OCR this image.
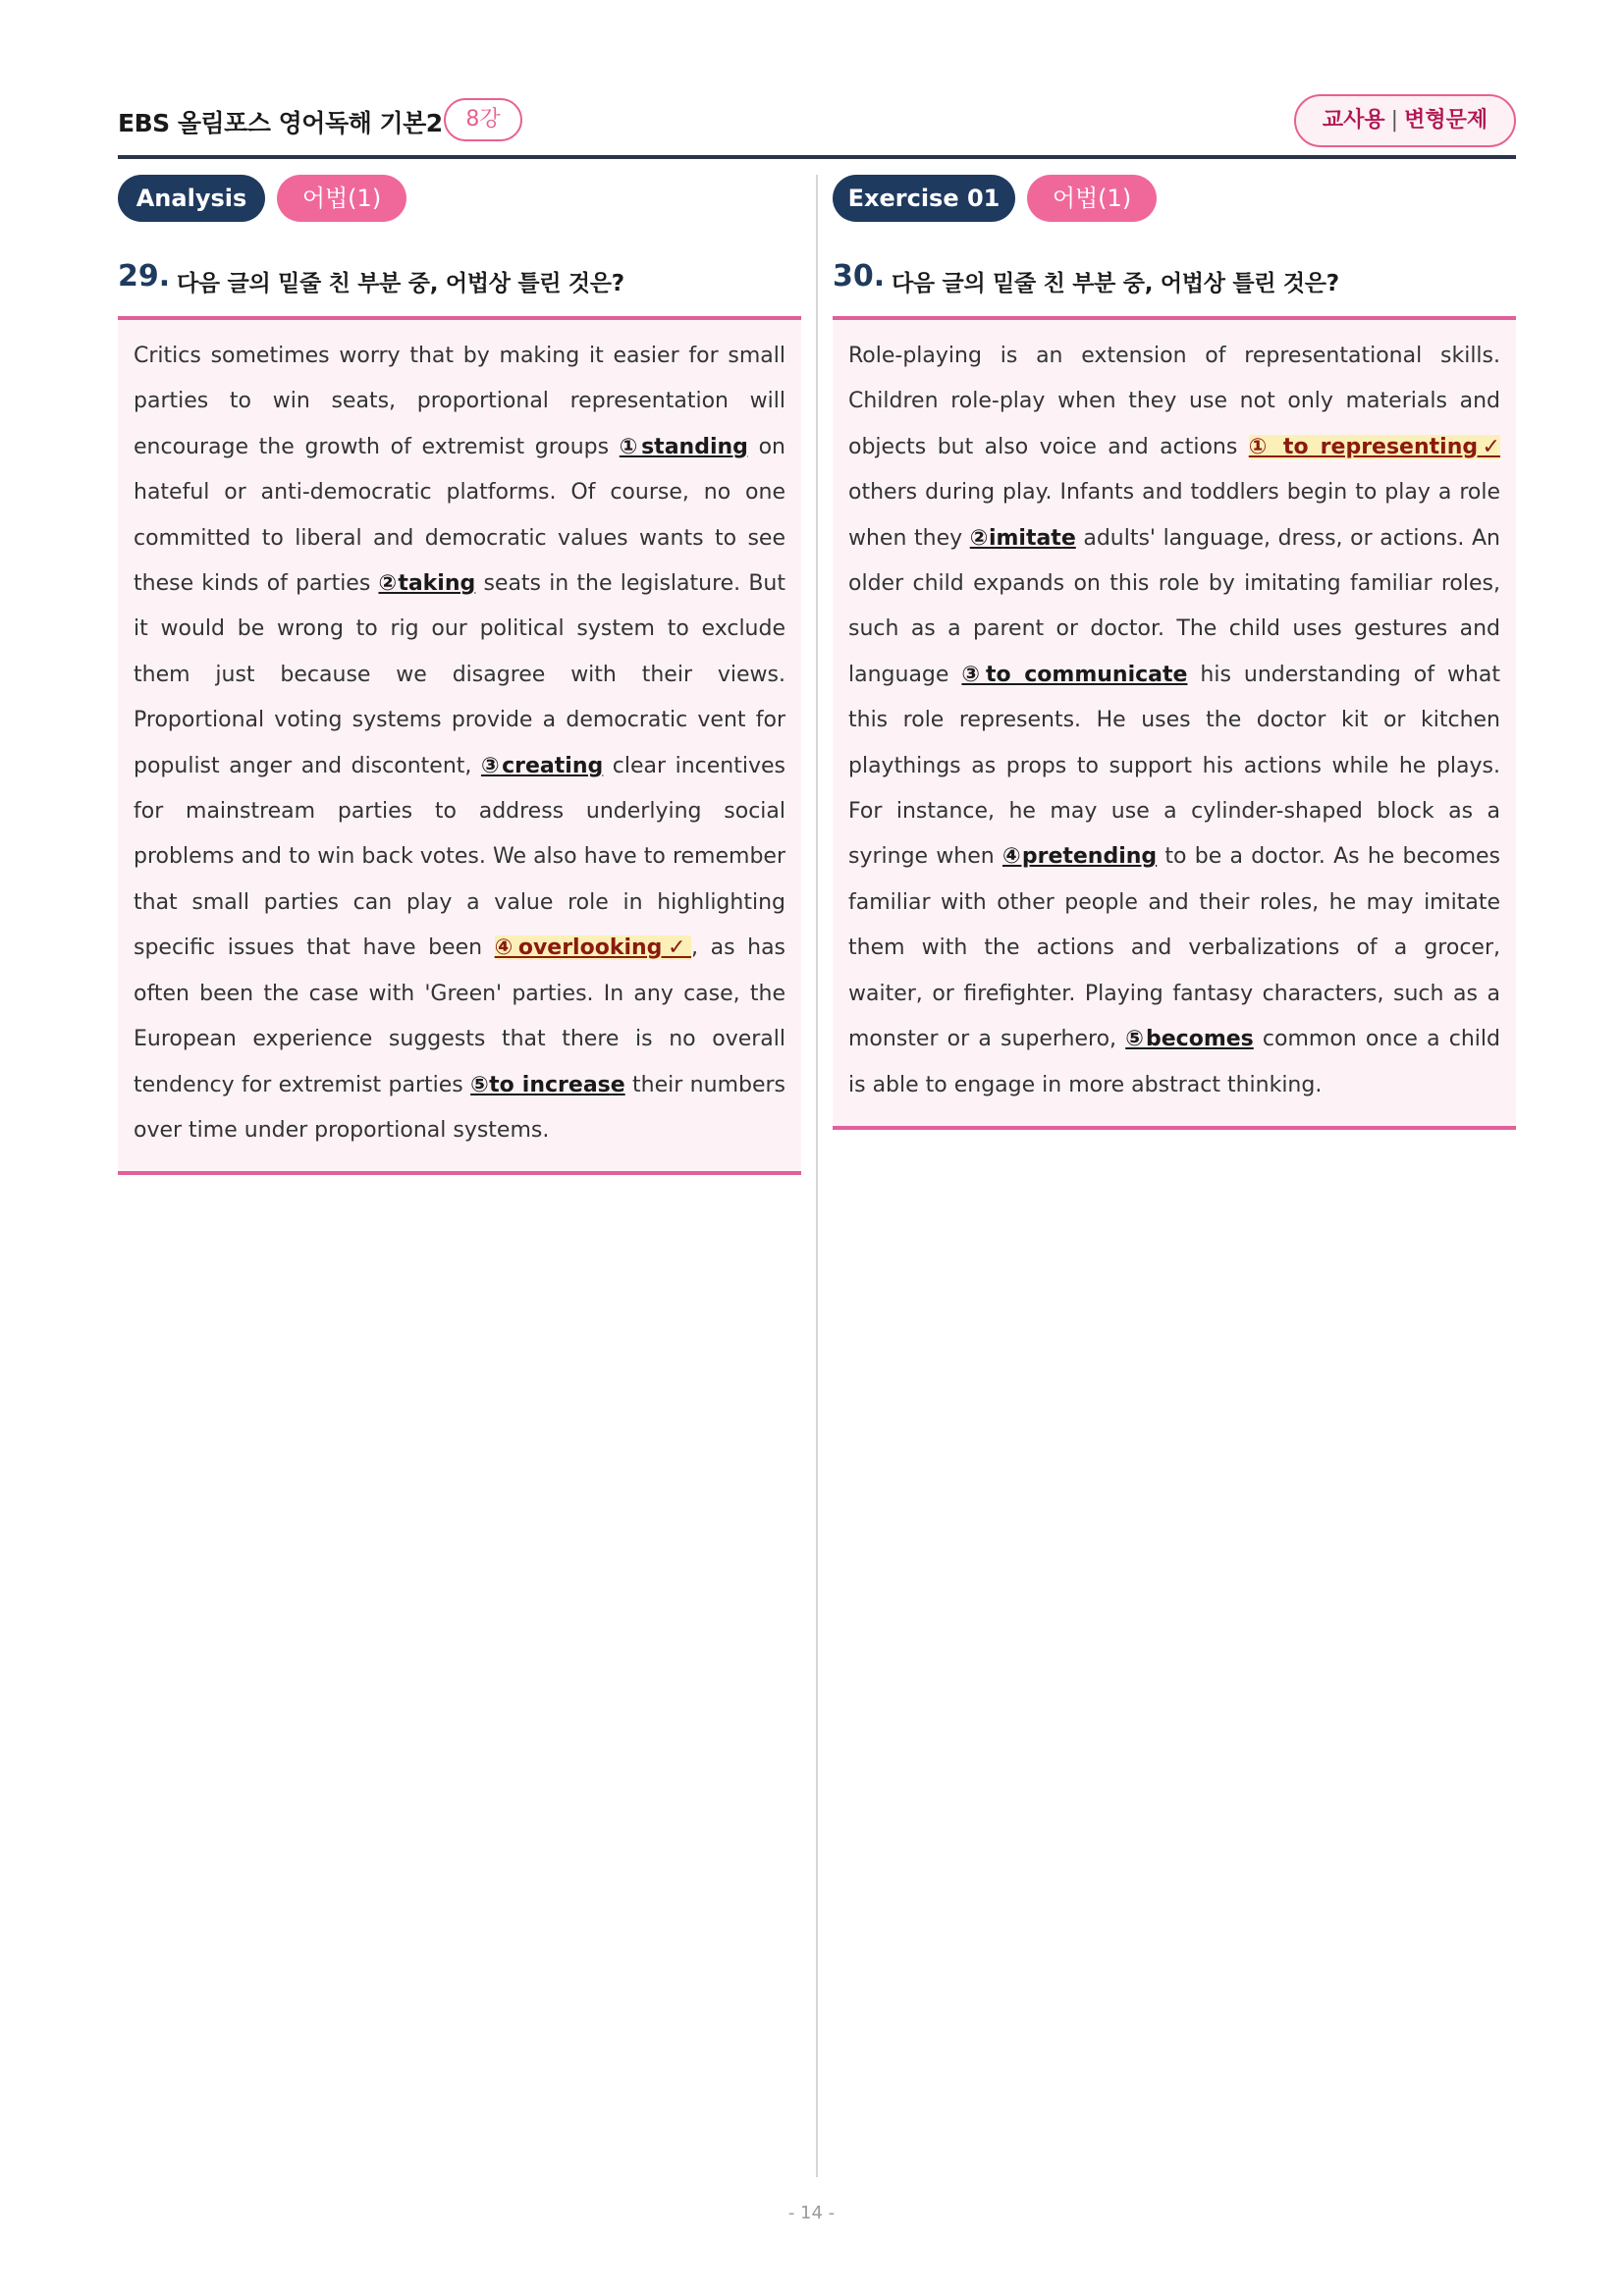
EBS 올림포스 영어독해 기본2	8강	교사용 | 변형문제
Analysis	어법(1)
29. 다음 글의 밑줄 친 부분 중, 어법상 틀린 것은?

Critics sometimes worry that by making it easier for small parties to win seats, proportional representation will encourage the growth of extremist groups ①standing on hateful or anti-democratic platforms. Of course, no one committed to liberal and democratic values wants to see these kinds of parties ②taking seats in the legislature. But it would be wrong to rig our political system to exclude them just because we disagree with their views. Proportional voting systems provide a democratic vent for populist anger and discontent, ③creating clear incentives for mainstream parties to address underlying social problems and to win back votes. We also have to remember that small parties can play a value role in highlighting specific issues that have been ④overlooking✓, as has often been the case with 'Green' parties. In any case, the European experience suggests that there is no overall tendency for extremist parties ⑤to increase their numbers over time under proportional systems.

Exercise 01	어법(1)
30. 다음 글의 밑줄 친 부분 중, 어법상 틀린 것은?

Role-playing is an extension of representational skills. Children role-play when they use not only materials and objects but also voice and actions ① to representing✓ others during play. Infants and toddlers begin to play a role when they ②imitate adults' language, dress, or actions. An older child expands on this role by imitating familiar roles, such as a parent or doctor. The child uses gestures and language ③to communicate his understanding of what this role represents. He uses the doctor kit or kitchen playthings as props to support his actions while he plays. For instance, he may use a cylinder-shaped block as a syringe when ④pretending to be a doctor. As he becomes familiar with other people and their roles, he may imitate them with the actions and verbalizations of a grocer, waiter, or firefighter. Playing fantasy characters, such as a monster or a superhero, ⑤becomes common once a child is able to engage in more abstract thinking.

- 14 -
